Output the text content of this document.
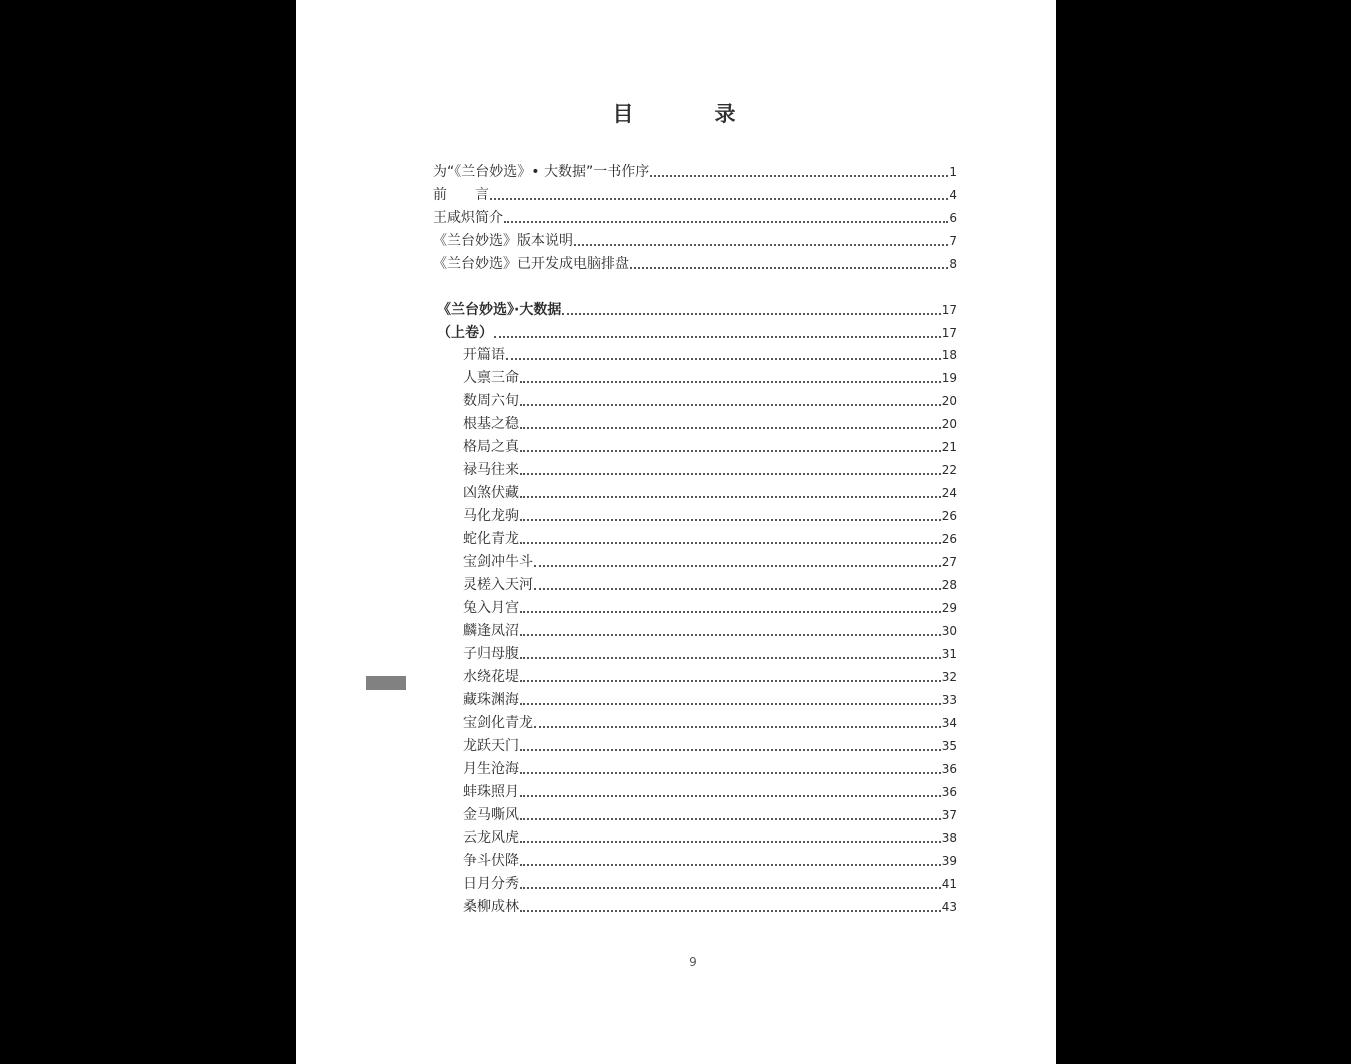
目　录
为“《兰台妙选》• 大数据”一书作序	1
前　　言	4
王咸炽简介	6
《兰台妙选》版本说明	7
《兰台妙选》已开发成电脑排盘	8
《兰台妙选》·大数据	17
（上卷）	17
开篇语	18
人禀三命	19
数周六旬	20
根基之稳	20
格局之真	21
禄马往来	22
凶煞伏藏	24
马化龙驹	26
蛇化青龙	26
宝剑冲牛斗	27
灵槎入天河	28
兔入月宫	29
麟逢凤沼	30
子归母腹	31
水绕花堤	32
藏珠渊海	33
宝剑化青龙	34
龙跃天门	35
月生沧海	36
蚌珠照月	36
金马嘶风	37
云龙风虎	38
争斗伏降	39
日月分秀	41
桑柳成林	43
9
